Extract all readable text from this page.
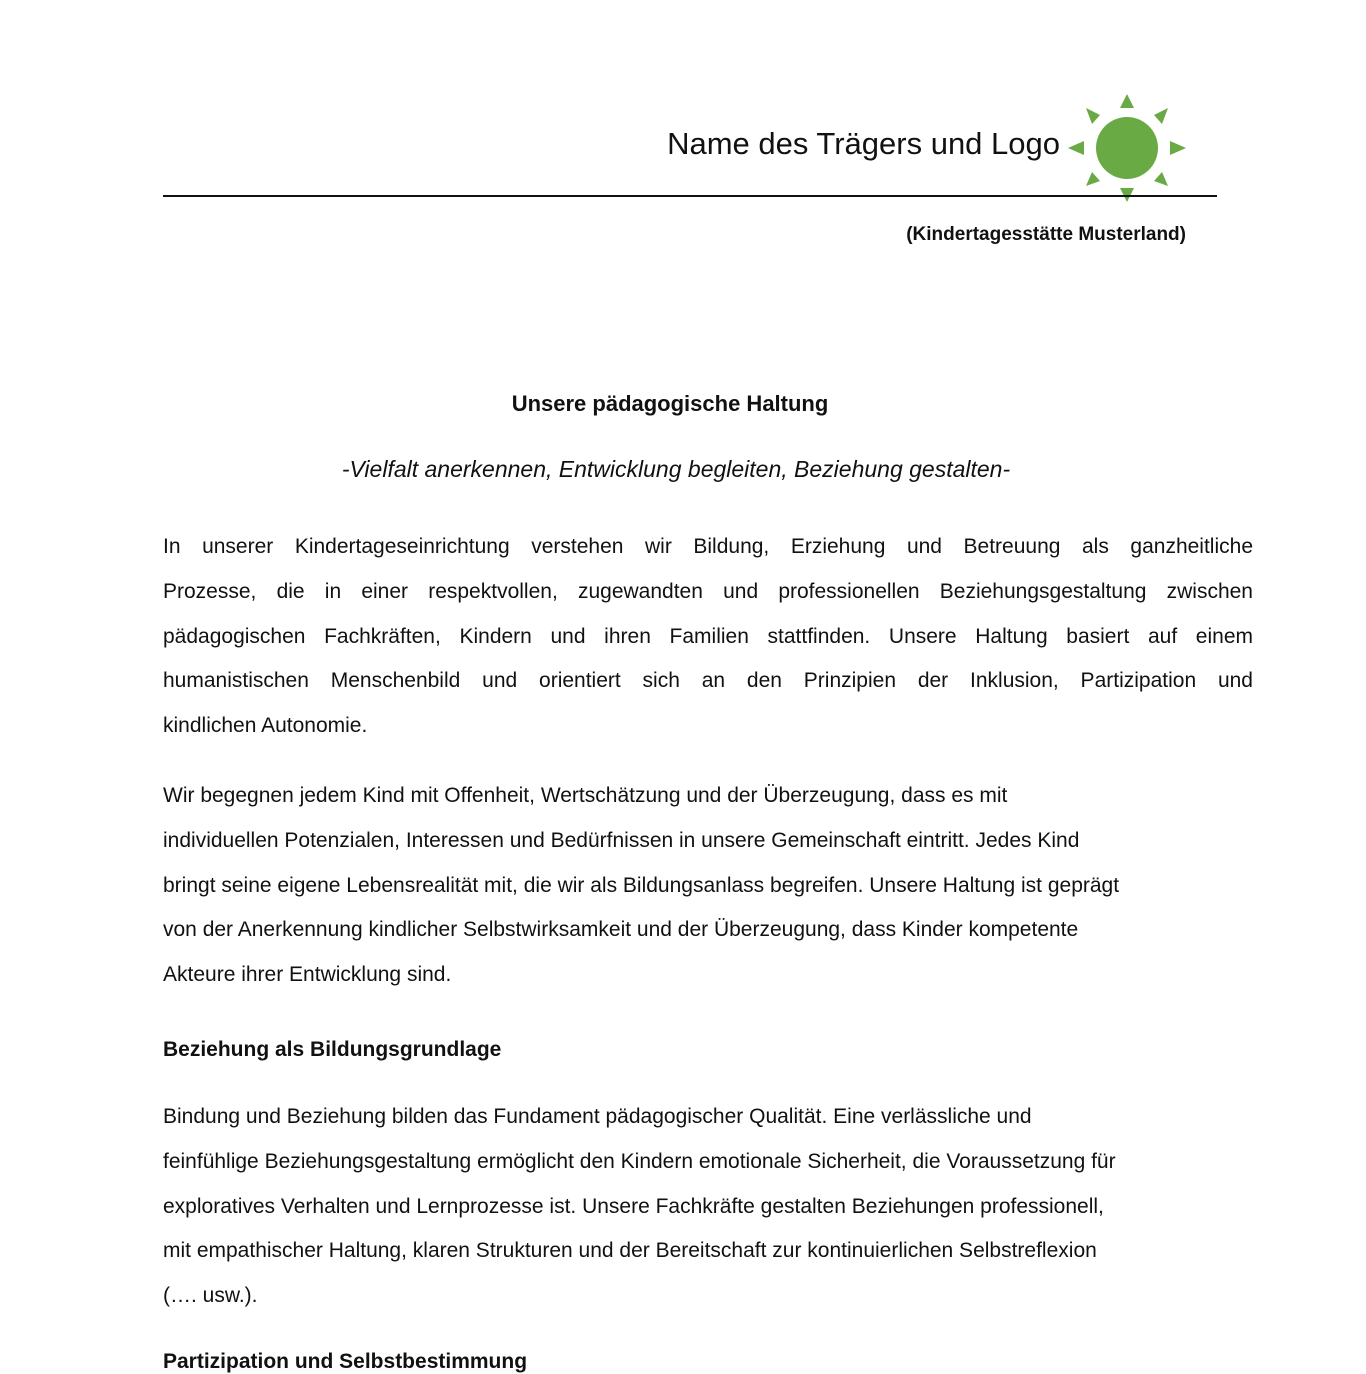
Name des Trägers und Logo
(Kindertagesstätte Musterland)
Unsere pädagogische Haltung
-Vielfalt anerkennen, Entwicklung begleiten, Beziehung gestalten-
In unserer Kindertageseinrichtung verstehen wir Bildung, Erziehung und Betreuung als ganzheitliche
Prozesse, die in einer respektvollen, zugewandten und professionellen Beziehungsgestaltung zwischen
pädagogischen Fachkräften, Kindern und ihren Familien stattfinden. Unsere Haltung basiert auf einem
humanistischen Menschenbild und orientiert sich an den Prinzipien der Inklusion, Partizipation und
kindlichen Autonomie.
Wir begegnen jedem Kind mit Offenheit, Wertschätzung und der Überzeugung, dass es mit
individuellen Potenzialen, Interessen und Bedürfnissen in unsere Gemeinschaft eintritt. Jedes Kind
bringt seine eigene Lebensrealität mit, die wir als Bildungsanlass begreifen. Unsere Haltung ist geprägt
von der Anerkennung kindlicher Selbstwirksamkeit und der Überzeugung, dass Kinder kompetente
Akteure ihrer Entwicklung sind.
Beziehung als Bildungsgrundlage
Bindung und Beziehung bilden das Fundament pädagogischer Qualität. Eine verlässliche und
feinfühlige Beziehungsgestaltung ermöglicht den Kindern emotionale Sicherheit, die Voraussetzung für
exploratives Verhalten und Lernprozesse ist. Unsere Fachkräfte gestalten Beziehungen professionell,
mit empathischer Haltung, klaren Strukturen und der Bereitschaft zur kontinuierlichen Selbstreflexion
(…. usw.).
Partizipation und Selbstbestimmung
